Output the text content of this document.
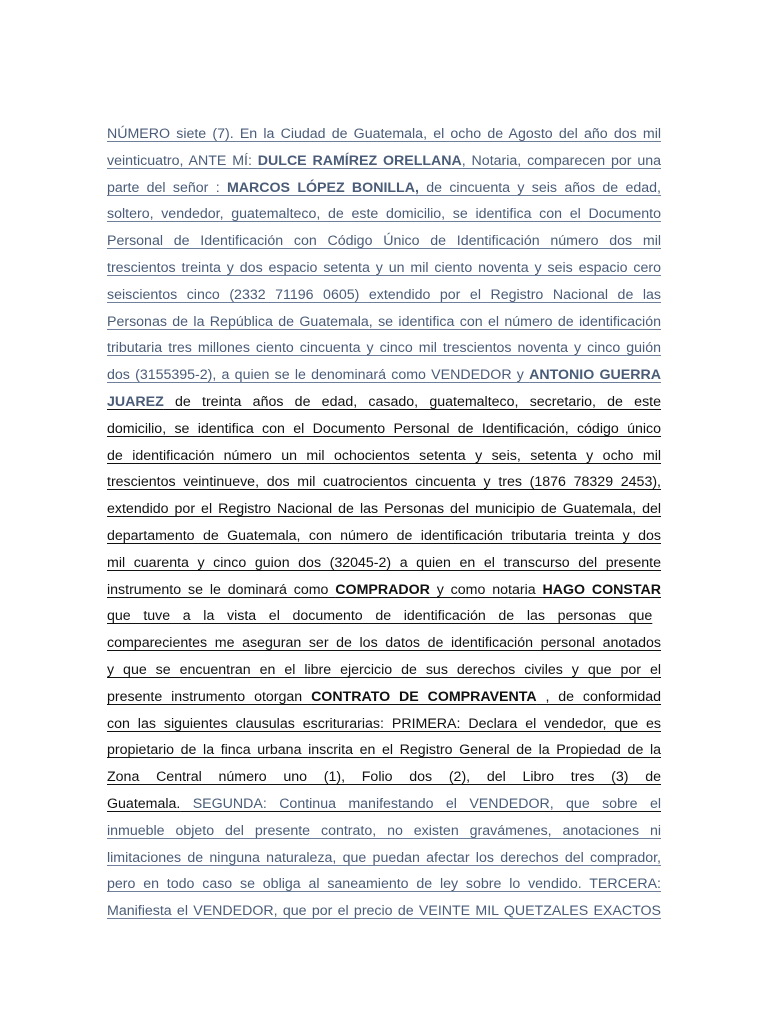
NÚMERO siete (7). En la Ciudad de Guatemala, el ocho de Agosto del año dos mil
veinticuatro, ANTE MÍ: DULCE RAMÍREZ ORELLANA, Notaria, comparecen por una
parte del señor : MARCOS LÓPEZ BONILLA, de cincuenta y seis años de edad,
soltero, vendedor, guatemalteco, de este domicilio, se identifica con el Documento
Personal de Identificación con Código Único de Identificación número dos mil
trescientos treinta y dos espacio setenta y un mil ciento noventa y seis espacio cero
seiscientos cinco (2332 71196 0605) extendido por el Registro Nacional de las
Personas de la República de Guatemala, se identifica con el número de identificación
tributaria tres millones ciento cincuenta y cinco mil trescientos noventa y cinco guión
dos (3155395-2), a quien se le denominará como VENDEDOR y ANTONIO GUERRA
JUAREZ de treinta años de edad, casado, guatemalteco, secretario, de este
domicilio, se identifica con el Documento Personal de Identificación, código único
de identificación número un mil ochocientos setenta y seis, setenta y ocho mil
trescientos veintinueve, dos mil cuatrocientos cincuenta y tres (1876 78329 2453),
extendido por el Registro Nacional de las Personas del municipio de Guatemala, del
departamento de Guatemala, con número de identificación tributaria treinta y dos
mil cuarenta y cinco guion dos (32045-2) a quien en el transcurso del presente
instrumento se le dominará como COMPRADOR y como notaria HAGO CONSTAR
que tuve a la vista el documento de identificación de las personas que
comparecientes me aseguran ser de los datos de identificación personal anotados
y que se encuentran en el libre ejercicio de sus derechos civiles y que por el
presente instrumento otorgan CONTRATO DE COMPRAVENTA , de conformidad
con las siguientes clausulas escriturarias: PRIMERA: Declara el vendedor, que es
propietario de la finca urbana inscrita en el Registro General de la Propiedad de la
Zona Central número uno (1), Folio dos (2), del Libro tres (3) de
Guatemala. SEGUNDA: Continua manifestando el VENDEDOR, que sobre el
inmueble objeto del presente contrato, no existen gravámenes, anotaciones ni
limitaciones de ninguna naturaleza, que puedan afectar los derechos del comprador,
pero en todo caso se obliga al saneamiento de ley sobre lo vendido. TERCERA:
Manifiesta el VENDEDOR, que por el precio de VEINTE MIL QUETZALES EXACTOS
